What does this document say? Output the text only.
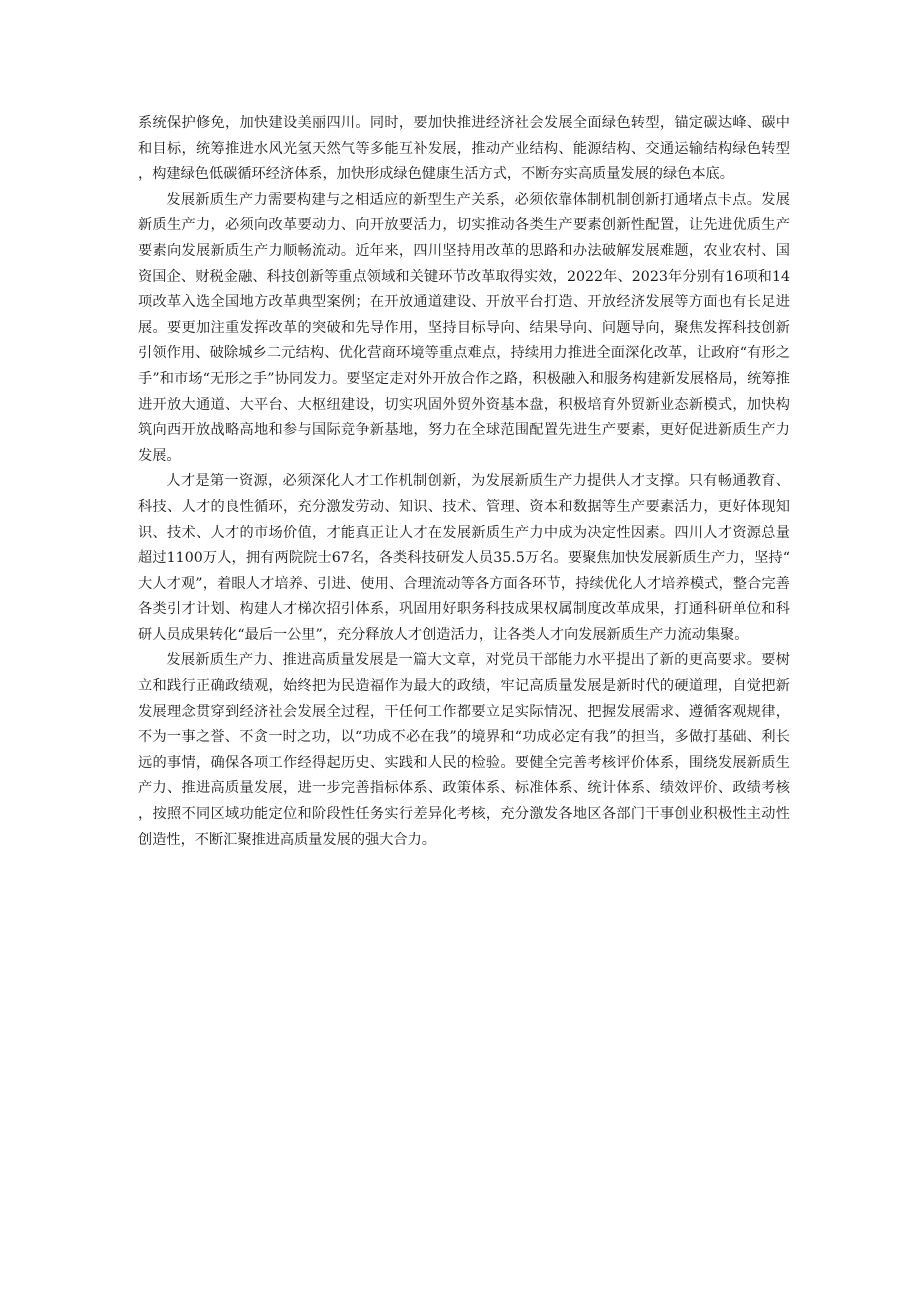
系统保护修免，加快建设美丽四川。同时，要加快推进经济社会发展全面绿色转型，锚定碳达峰、碳中和目标，统筹推进水风光氢天然气等多能互补发展，推动产业结构、能源结构、交通运输结构绿色转型，构建绿色低碳循环经济体系，加快形成绿色健康生活方式，不断夯实高质量发展的绿色本底。

发展新质生产力需要构建与之相适应的新型生产关系，必须依靠体制机制创新打通堵点卡点。发展新质生产力，必须向改革要动力、向开放要活力，切实推动各类生产要素创新性配置，让先进优质生产要素向发展新质生产力顺畅流动。近年来，四川坚持用改革的思路和办法破解发展难题，农业农村、国资国企、财税金融、科技创新等重点领域和关键环节改革取得实效，2022年、2023年分别有16项和14项改革入选全国地方改革典型案例；在开放通道建设、开放平台打造、开放经济发展等方面也有长足进展。要更加注重发挥改革的突破和先导作用，坚持目标导向、结果导向、问题导向，聚焦发挥科技创新引领作用、破除城乡二元结构、优化营商环境等重点难点，持续用力推进全面深化改革，让政府“有形之手”和市场“无形之手”协同发力。要坚定走对外开放合作之路，积极融入和服务构建新发展格局，统筹推进开放大通道、大平台、大枢纽建设，切实巩固外贸外资基本盘，积极培育外贸新业态新模式，加快构筑向西开放战略高地和参与国际竞争新基地，努力在全球范围配置先进生产要素，更好促进新质生产力发展。

人才是第一资源，必须深化人才工作机制创新，为发展新质生产力提供人才支撑。只有畅通教育、科技、人才的良性循环，充分激发劳动、知识、技术、管理、资本和数据等生产要素活力，更好体现知识、技术、人才的市场价值，才能真正让人才在发展新质生产力中成为决定性因素。四川人才资源总量超过1100万人，拥有两院院士67名，各类科技研发人员35.5万名。要聚焦加快发展新质生产力，坚持“大人才观”，着眼人才培养、引进、使用、合理流动等各方面各环节，持续优化人才培养模式，整合完善各类引才计划、构建人才梯次招引体系，巩固用好职务科技成果权属制度改革成果，打通科研单位和科研人员成果转化“最后一公里”，充分释放人才创造活力，让各类人才向发展新质生产力流动集聚。

发展新质生产力、推进高质量发展是一篇大文章，对党员干部能力水平提出了新的更高要求。要树立和践行正确政绩观，始终把为民造福作为最大的政绩，牢记高质量发展是新时代的硬道理，自觉把新发展理念贯穿到经济社会发展全过程，干任何工作都要立足实际情况、把握发展需求、遵循客观规律，不为一事之誉、不贪一时之功，以“功成不必在我”的境界和“功成必定有我”的担当，多做打基础、利长远的事情，确保各项工作经得起历史、实践和人民的检验。要健全完善考核评价体系，围绕发展新质生产力、推进高质量发展，进一步完善指标体系、政策体系、标准体系、统计体系、绩效评价、政绩考核，按照不同区域功能定位和阶段性任务实行差异化考核，充分激发各地区各部门干事创业积极性主动性创造性，不断汇聚推进高质量发展的强大合力。
